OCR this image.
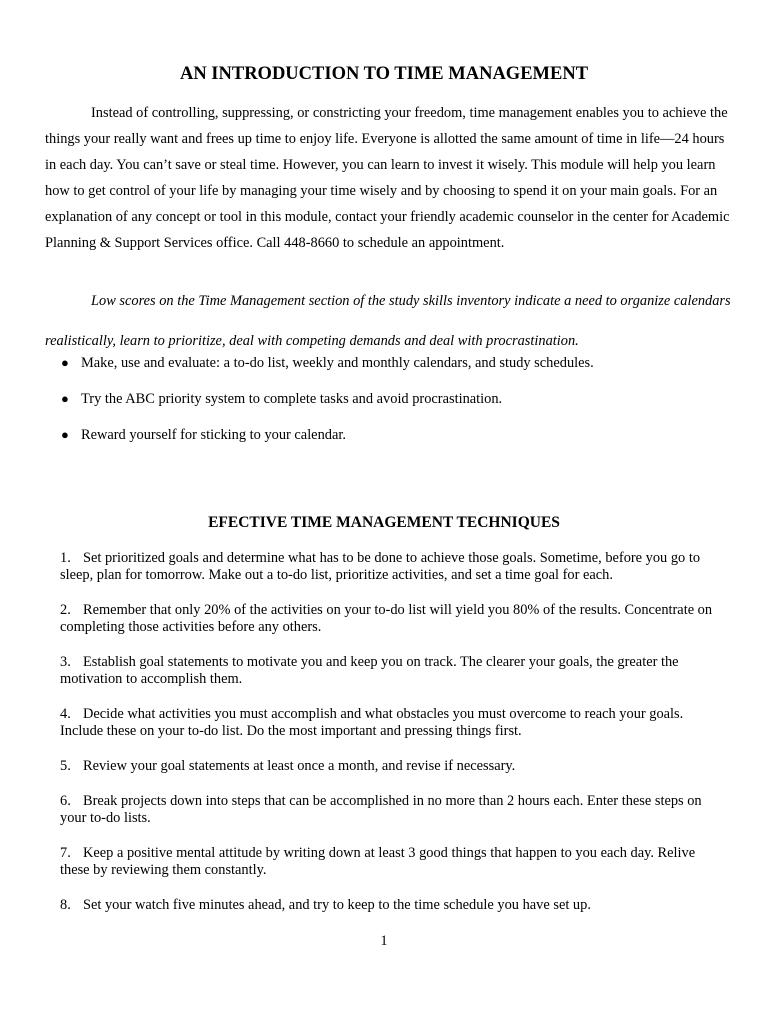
AN INTRODUCTION TO TIME MANAGEMENT

Instead of controlling, suppressing, or constricting your freedom, time management enables you to achieve the things your really want and frees up time to enjoy life. Everyone is allotted the same amount of time in life—24 hours in each day. You can’t save or steal time. However, you can learn to invest it wisely. This module will help you learn how to get control of your life by managing your time wisely and by choosing to spend it on your main goals. For an explanation of any concept or tool in this module, contact your friendly academic counselor in the center for Academic Planning & Support Services office. Call 448-8660 to schedule an appointment.

Low scores on the Time Management section of the study skills inventory indicate a need to organize calendars realistically, learn to prioritize, deal with competing demands and deal with procrastination.

● Make, use and evaluate: a to-do list, weekly and monthly calendars, and study schedules.
● Try the ABC priority system to complete tasks and avoid procrastination.
● Reward yourself for sticking to your calendar.
EFECTIVE TIME MANAGEMENT TECHNIQUES
1. Set prioritized goals and determine what has to be done to achieve those goals. Sometime, before you go to sleep, plan for tomorrow. Make out a to-do list, prioritize activities, and set a time goal for each.
2. Remember that only 20% of the activities on your to-do list will yield you 80% of the results. Concentrate on completing those activities before any others.
3. Establish goal statements to motivate you and keep you on track. The clearer your goals, the greater the motivation to accomplish them.
4. Decide what activities you must accomplish and what obstacles you must overcome to reach your goals. Include these on your to-do list. Do the most important and pressing things first.
5. Review your goal statements at least once a month, and revise if necessary.
6. Break projects down into steps that can be accomplished in no more than 2 hours each. Enter these steps on your to-do lists.
7. Keep a positive mental attitude by writing down at least 3 good things that happen to you each day. Relive these by reviewing them constantly.
8. Set your watch five minutes ahead, and try to keep to the time schedule you have set up.
1
